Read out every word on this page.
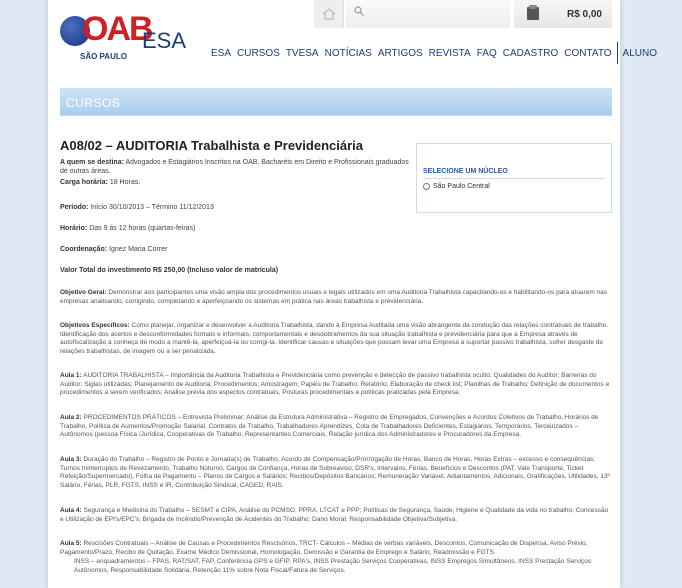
OAB
ESA
SÃO PAULO
R$ 0,00
ESA CURSOS TVESA NOTÍCIAS ARTIGOS REVISTA FAQ CADASTRO CONTATO	ALUNO
CURSOS
A08/02 – AUDITORIA Trabalhista e Previdenciária
A quem se destina: Advogados e Estagiários Inscritos na OAB, Bacharéis em Direito e Profissionais graduados de outras áreas.
Carga horária: 18 Horas.
Período: Início 30/10/2013 – Término 11/12/2013
Horário: Das 9 às 12 horas (quartas-feiras)
Coordenação: Ignez Maria Correr
Valor Total do investimento R$ 250,00 (Incluso valor de matrícula)
SELECIONE UM NÚCLEO
São Paulo Central
Objetivo Geral: Demonstrar aos participantes uma visão ampla dos procedimentos usuais e legais utilizados em uma Auditoria Trabalhista capacitando-os e habilitando-os para atuarem nas empresas analisando, corrigindo, completando e aperfeiçoando os sistemas em prática nas áreas trabalhista e previdenciária.
Objetivos Específicos: Como planejar, organizar e desenvolver a Auditoria Trabalhista, dando à Empresa Auditada uma visão abrangente da condução das relações contratuais de trabalho. Identificação dos acertos e desconformidades formais e informais, comportamentais e desdobramentos da sua situação trabalhista e previdenciária para que a Empresa através de autofiscalização a conheça de modo a mantê-la, aperfeiçoá-la ou corrigi-la. Identificar causas e situações que possam levar uma Empresa a suportar passivo trabalhista, sofrer desgaste de relações trabalhistas, de imagem ou a ser penalizada.
Aula 1: AUDITORIA TRABALHISTA – Importância da Auditoria Trabalhista e Previdenciária como prevenção e detecção de passivo trabalhista oculto; Qualidades do Auditor; Barreiras do Auditor; Siglas utilizadas; Planejamento de Auditoria; Procedimentos; Amostragem; Papéis de Trabalho; Relatório; Elaboração de check list; Planilhas de Trabalho; Definição de documentos e procedimentos a serem verificados; Análise prévia dos aspectos contratuais, Posturas procedimentais e políticas praticadas pela Empresa.
Aula 2: PROCEDIMENTOS PRÁTICOS – Entrevista Preliminar; Análise da Estrutura Administrativa – Registro de Empregados, Convenções e Acordos Coletivos de Trabalho, Horários de Trabalho, Política de Aumentos/Promoção Salarial, Contratos de Trabalho, Trabalhadores Aprendizes, Cota de Trabalhadores Deficientes, Estagiários, Temporários, Terceirizados – Autônomos (pessoa Física /Jurídica, Cooperativas de Trabalho, Representantes Comerciais, Relação jurídica dos Administradores e Procuradores da Empresa.
Aula 3: Duração do Trabalho – Registro de Ponto e Jornada(s) de Trabalho, Acordo de Compensação/Prorrogação de Horas, Banco de Horas, Horas Extras – excesso e consequências; Turnos Ininterruptos de Revezamento, Trabalho Noturno, Cargos de Confiança, Horas de Sobreaviso, DSR's, Intervalos, Férias, Benefícios e Descontos (PAT, Vale Transporte, Ticket Refeição/Supermercado), Folha de Pagamento – Planos de Cargos e Salários; Recibos/Depósitos Bancários; Remuneração Variável, Adiantamentos, Adicionais, Gratificações, Utilidades, 13º Salário, Férias, PLR, FGTS, INSS e IR, Contribuição Sindical, CAGED, RAIS.
Aula 4: Segurança e Medicina do Trabalho – SESMT e CIPA, Análise do PCMSO, PPRA, LTCAT e PPP; Políticas de Segurança, Saúde, Higiene e Qualidade da vida no trabalho; Concessão e Utilização de EPI's/EPC's; Brigada de Incêndio/Prevenção de Acidentes do Trabalho; Dano Moral; Responsabilidade Objetiva/Subjetiva.
Aula 5: Rescisões Contratuais – Análise de Causas e Procedimentos Rescisórios, TRCT- Cálculos – Médias de verbas variáveis, Descontos, Comunicação de Dispensa, Aviso Prévio, Pagamento/Prazo, Recibo de Quitação, Exame Médico Demissional, Homologação, Demissão e Garantia de Emprego e Salário, Readmissão e FGTS.
INSS – enquadramentos – FPAS, RAT/SAT, FAP, Conferência GPS e GFIP, RPA's, INSS Prestação Serviços Cooperativas, INSS Empregos Simultâneos, INSS Prestação Serviços Autônomos, Responsabilidade Solidária, Retenção 11% sobre Nota Fiscal/Fatura de Serviços.
